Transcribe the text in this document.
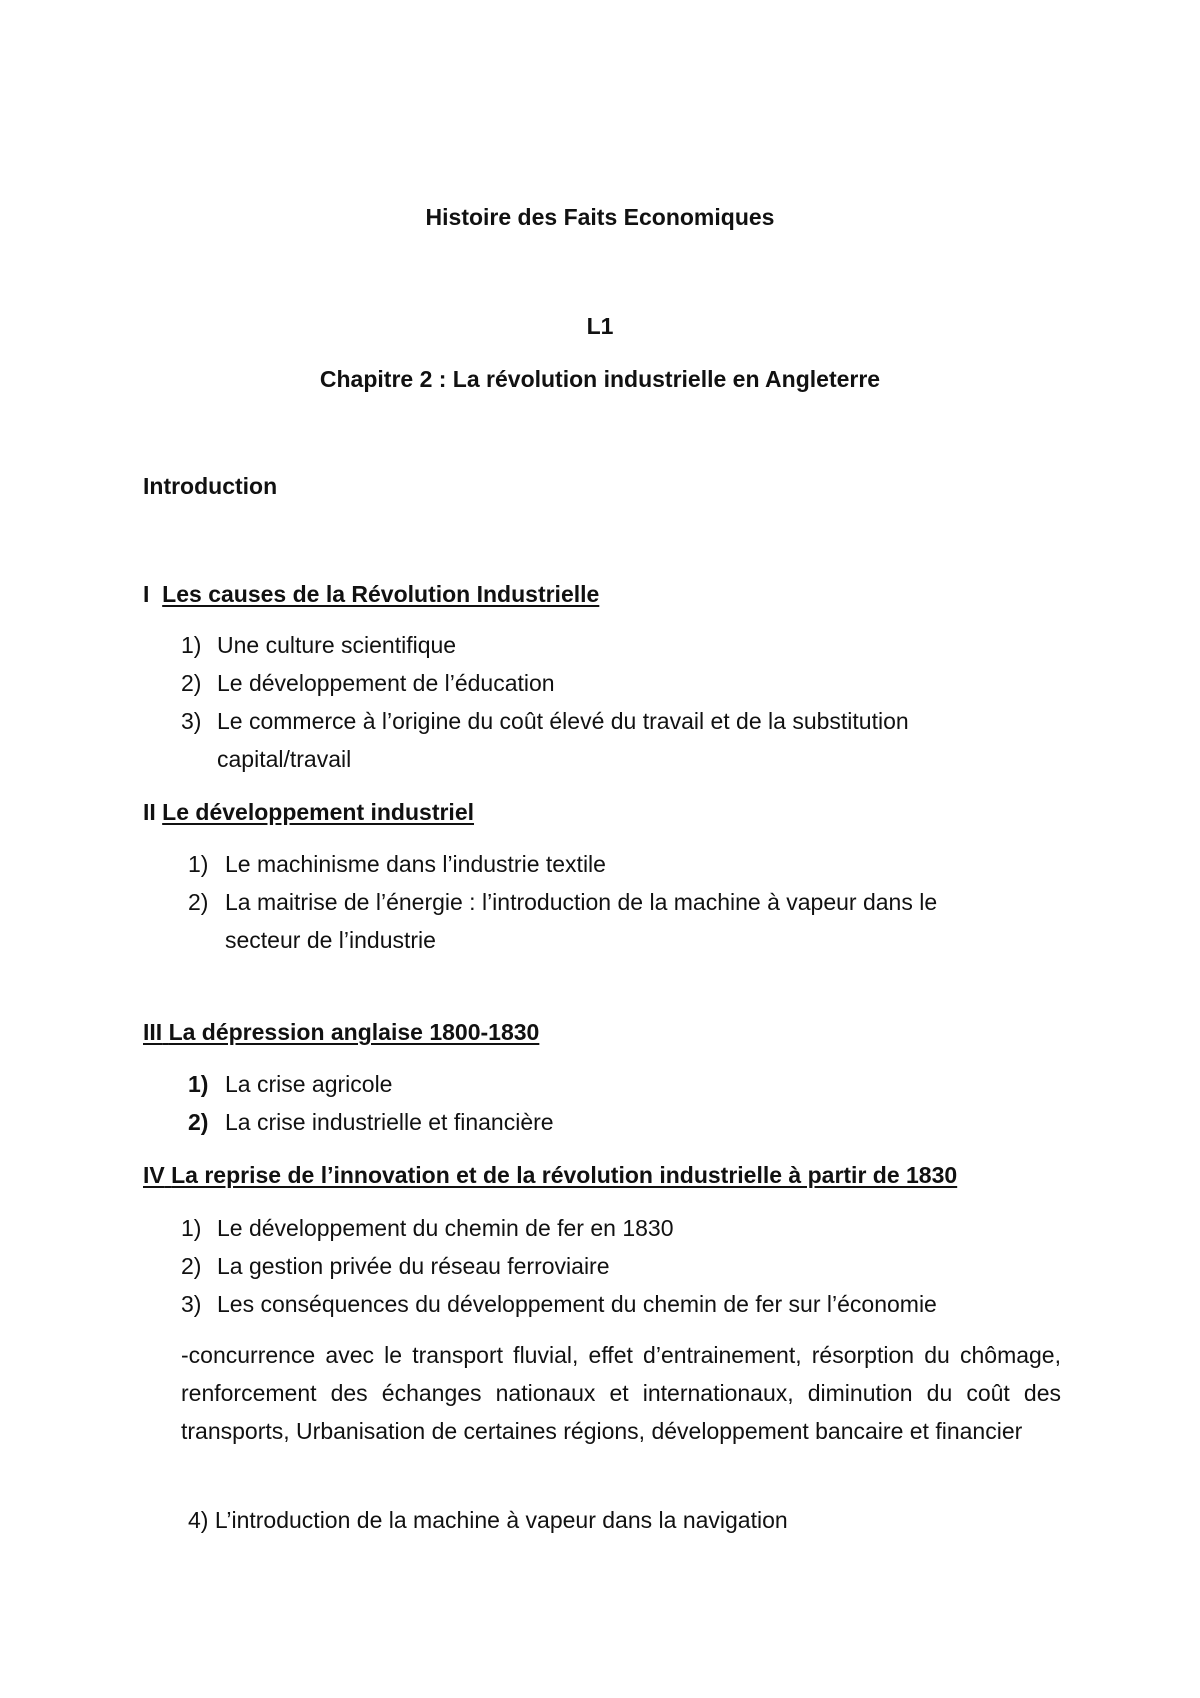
Histoire des Faits Economiques
L1
Chapitre 2 : La révolution industrielle en Angleterre
Introduction
I Les causes de la Révolution Industrielle
1) Une culture scientifique
2) Le développement de l’éducation
3) Le commerce à l’origine du coût élevé du travail et de la substitution
capital/travail
II Le développement industriel
1) Le machinisme dans l’industrie textile
2) La maitrise de l’énergie : l’introduction de la machine à vapeur dans le
secteur de l’industrie
III La dépression anglaise 1800-1830
1) La crise agricole
2) La crise industrielle et financière
IV La reprise de l’innovation et de la révolution industrielle à partir de 1830
1) Le développement du chemin de fer en 1830
2) La gestion privée du réseau ferroviaire
3) Les conséquences du développement du chemin de fer sur l’économie
-concurrence avec le transport fluvial, effet d’entrainement, résorption du chômage, renforcement des échanges nationaux et internationaux, diminution du coût des transports, Urbanisation de certaines régions, développement bancaire et financier
4) L’introduction de la machine à vapeur dans la navigation
